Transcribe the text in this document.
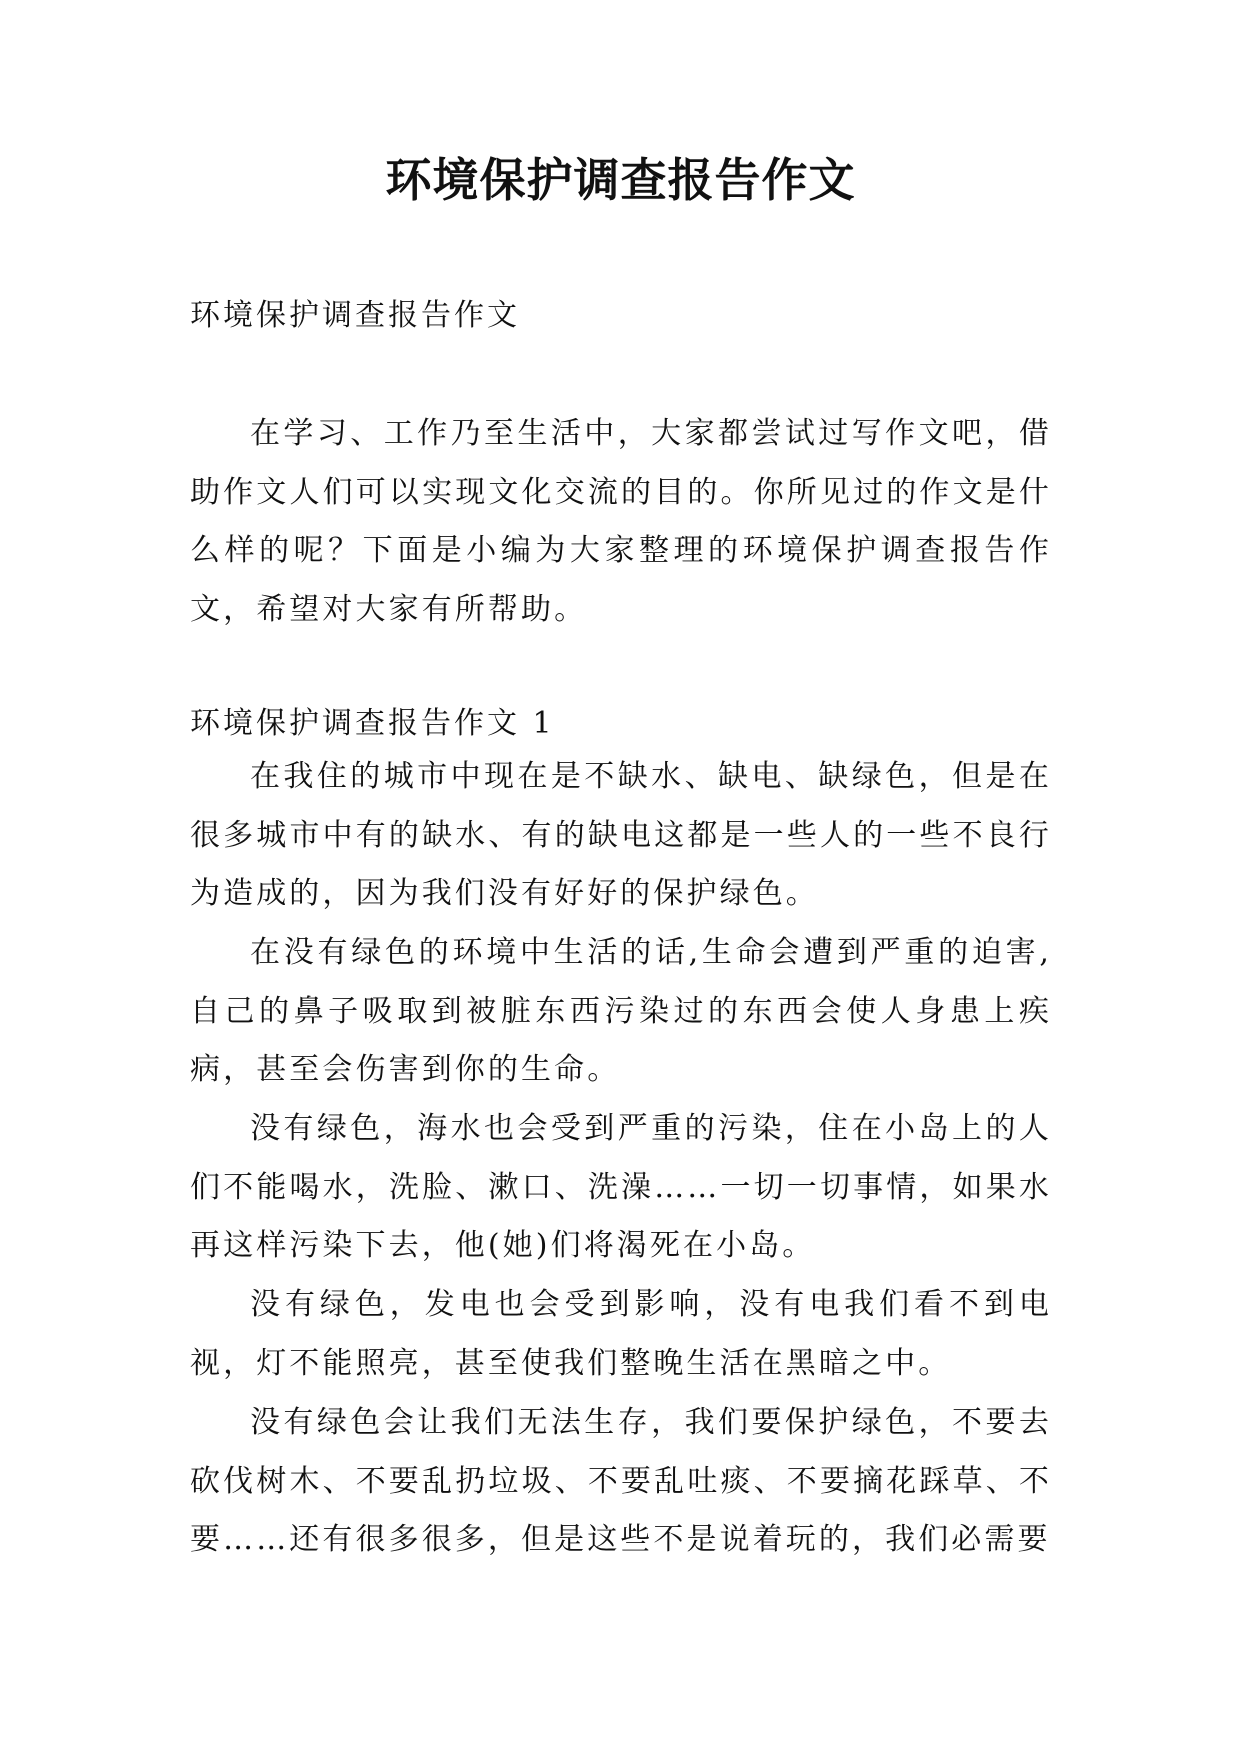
环境保护调查报告作文
环境保护调查报告作文

在学习、工作乃至生活中，大家都尝试过写作文吧，借助作文人们可以实现文化交流的目的。你所见过的作文是什么样的呢？下面是小编为大家整理的环境保护调查报告作文，希望对大家有所帮助。

环境保护调查报告作文 1

在我住的城市中现在是不缺水、缺电、缺绿色，但是在很多城市中有的缺水、有的缺电这都是一些人的一些不良行为造成的，因为我们没有好好的保护绿色。

在没有绿色的环境中生活的话,生命会遭到严重的迫害,自己的鼻子吸取到被脏东西污染过的东西会使人身患上疾病，甚至会伤害到你的生命。

没有绿色，海水也会受到严重的污染，住在小岛上的人们不能喝水，洗脸、漱口、洗澡……一切一切事情，如果水再这样污染下去，他(她)们将渴死在小岛。

没有绿色，发电也会受到影响，没有电我们看不到电视，灯不能照亮，甚至使我们整晚生活在黑暗之中。

没有绿色会让我们无法生存，我们要保护绿色，不要去砍伐树木、不要乱扔垃圾、不要乱吐痰、不要摘花踩草、不要……还有很多很多，但是这些不是说着玩的，我们必需要
